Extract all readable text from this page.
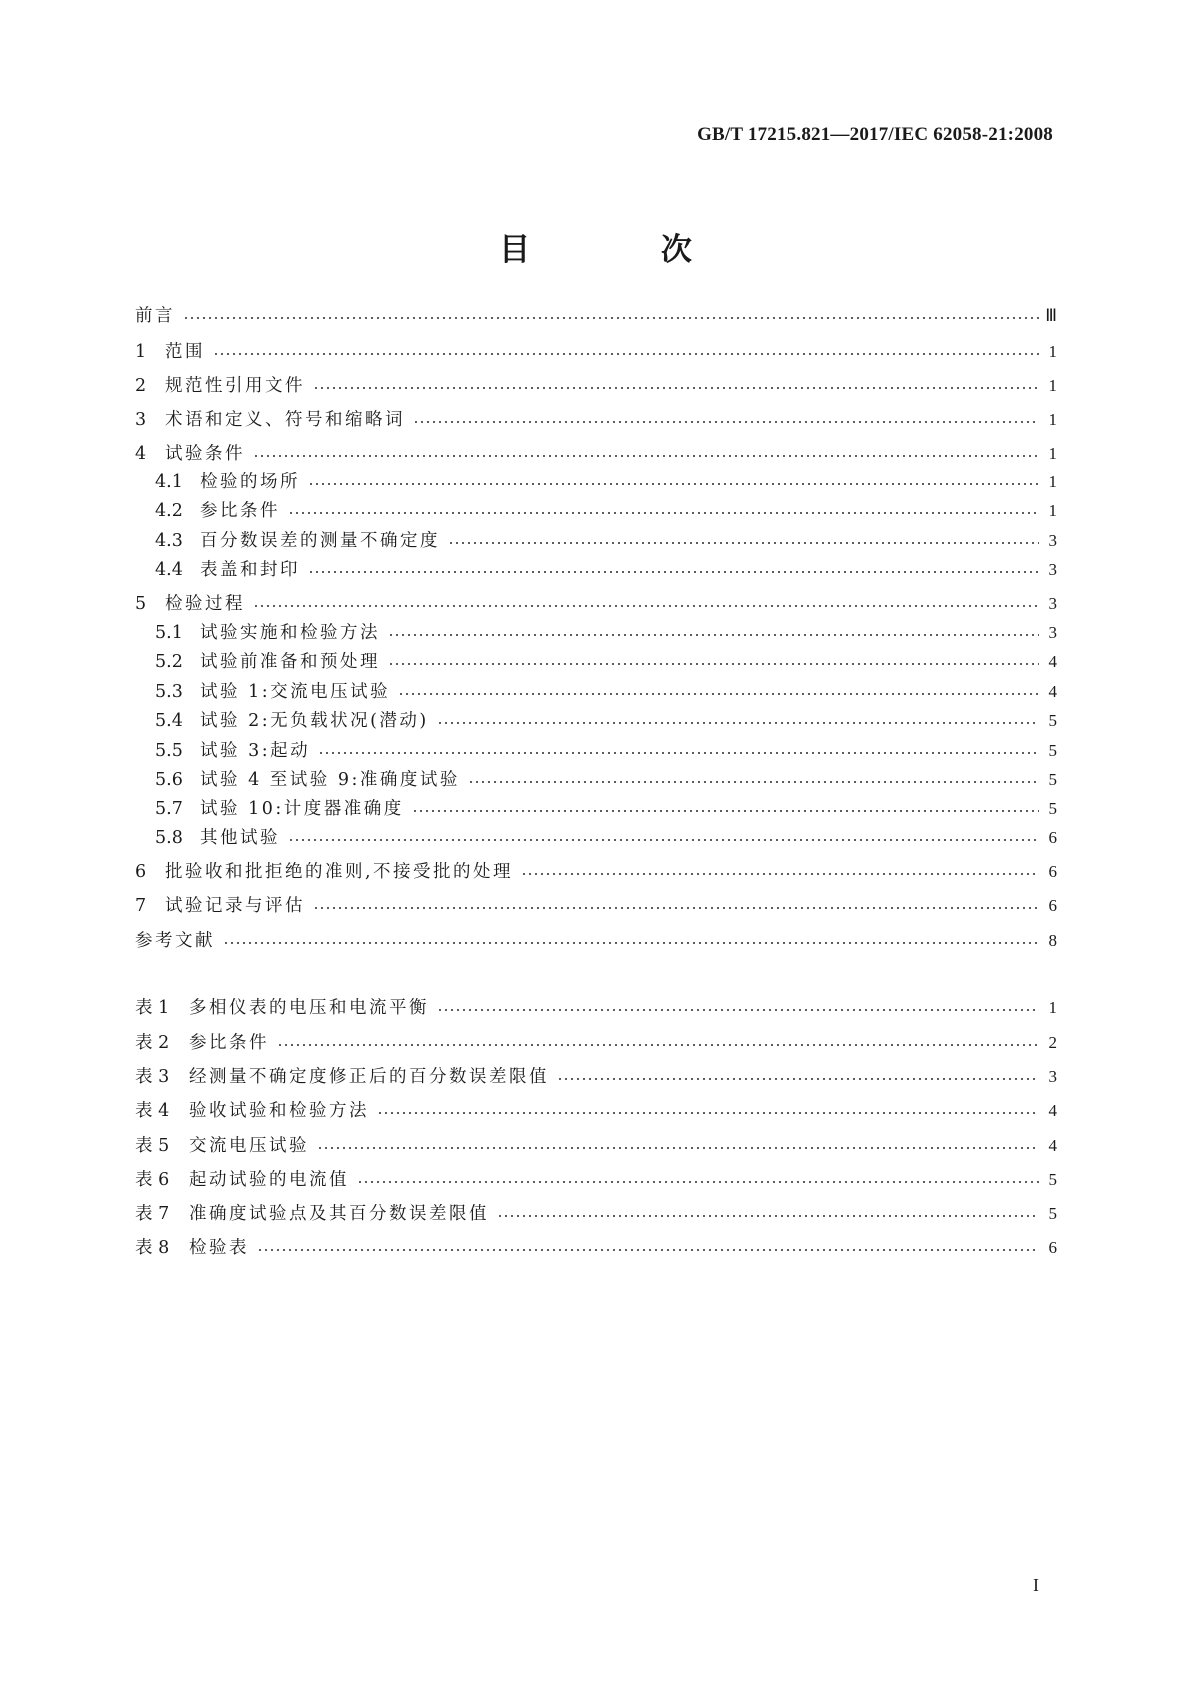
GB/T 17215.821—2017/IEC 62058-21:2008
目 次
前言	Ⅲ
1	范围	1
2	规范性引用文件	1
3	术语和定义、符号和缩略词	1
4	试验条件	1
4.1 检验的场所	1
4.2 参比条件	1
4.3 百分数误差的测量不确定度	3
4.4 表盖和封印	3
5	检验过程	3
5.1 试验实施和检验方法	3
5.2 试验前准备和预处理	4
5.3 试验 1:交流电压试验	4
5.4 试验 2:无负载状况(潜动)	5
5.5 试验 3:起动	5
5.6 试验 4 至试验 9:准确度试验	5
5.7 试验 10:计度器准确度	5
5.8 其他试验	6
6	批验收和批拒绝的准则,不接受批的处理	6
7	试验记录与评估	6
参考文献	8
表 1	多相仪表的电压和电流平衡	1
表 2	参比条件	2
表 3	经测量不确定度修正后的百分数误差限值	3
表 4	验收试验和检验方法	4
表 5	交流电压试验	4
表 6	起动试验的电流值	5
表 7	准确度试验点及其百分数误差限值	5
表 8	检验表	6
I
